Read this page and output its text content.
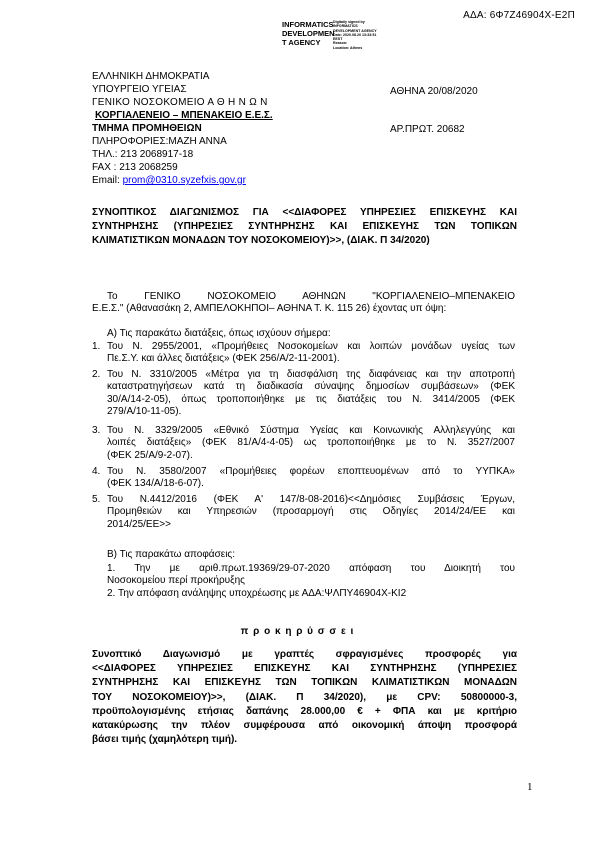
ΑΔΑ: 6Φ7Ζ46904Χ-Ε2Π
INFORMATICS
DEVELOPMEN
T AGENCY
Digitally signed by
INFORMATICS
DEVELOPMENT AGENCY
Date: 2020.08.20 13:33:51
EEST
Reason:
Location: Athens
ΕΛΛΗΝΙΚΗ ΔΗΜΟΚΡΑΤΙΑ
ΥΠΟΥΡΓΕΙΟ ΥΓΕΙΑΣ	ΑΘΗΝΑ 20/08/2020
ΓΕΝΙΚΟ ΝΟΣΟΚΟΜΕΙΟ Α Θ Η Ν Ω Ν
ΚΟΡΓΙΑΛΕΝΕΙΟ – ΜΠΕΝΑΚΕΙΟ Ε.Ε.Σ.
ΤΜΗΜΑ ΠΡΟΜΗΘΕΙΩΝ	ΑΡ.ΠΡΩΤ. 20682
ΠΛΗΡΟΦΟΡΙΕΣ:ΜΑΖΗ ΑΝΝΑ
ΤΗΛ.: 213 2068917-18
FAX : 213 2068259
Email: prom@0310.syzefxis.gov.gr
ΣΥΝΟΠΤΙΚΟΣ ΔΙΑΓΩΝΙΣΜΟΣ ΓΙΑ <<ΔΙΑΦΟΡΕΣ ΥΠΗΡΕΣΙΕΣ ΕΠΙΣΚΕΥΗΣ ΚΑΙ
ΣΥΝΤΗΡΗΣΗΣ (ΥΠΗΡΕΣΙΕΣ ΣΥΝΤΗΡΗΣΗΣ ΚΑΙ ΕΠΙΣΚΕΥΗΣ ΤΩΝ ΤΟΠΙΚΩΝ
ΚΛΙΜΑΤΙΣΤΙΚΩΝ ΜΟΝΑΔΩΝ ΤΟΥ ΝΟΣΟΚΟΜΕΙΟΥ)>>, (ΔΙΑΚ. Π 34/2020)
Το ΓΕΝΙΚΟ ΝΟΣΟΚΟΜΕΙΟ ΑΘΗΝΩΝ "ΚΟΡΓΙΑΛΕΝΕΙΟ–ΜΠΕΝΑΚΕΙΟ
Ε.Ε.Σ." (Αθανασάκη 2, ΑΜΠΕΛΟΚΗΠΟΙ– ΑΘΗΝΑ Τ. Κ. 115 26) έχοντας υπ όψη:
Α) Τις παρακάτω διατάξεις, όπως ισχύουν σήμερα:
1. Του Ν. 2955/2001, «Προμήθειες Νοσοκομείων και λοιπών μονάδων υγείας των
Πε.Σ.Υ. και άλλες διατάξεις» (ΦΕΚ 256/Α/2-11-2001).
2. Του Ν. 3310/2005 «Μέτρα για τη διασφάλιση της διαφάνειας και την αποτροπή
καταστρατηγήσεων κατά τη διαδικασία σύναψης δημοσίων συμβάσεων» (ΦΕΚ
30/Α/14-2-05), όπως τροποποιήθηκε με τις διατάξεις του Ν. 3414/2005 (ΦΕΚ
279/Α/10-11-05).
3. Του Ν. 3329/2005 «Εθνικό Σύστημα Υγείας και Κοινωνικής Αλληλεγγύης και
λοιπές διατάξεις» (ΦΕΚ 81/Α/4-4-05) ως τροποποιήθηκε με το Ν. 3527/2007
(ΦΕΚ 25/Α/9-2-07).
4. Του Ν. 3580/2007 «Προμήθειες φορέων εποπτευομένων από το ΥΥΠΚΑ»
(ΦΕΚ 134/Α/18-6-07).
5. Του Ν.4412/2016 (ΦΕΚ Α' 147/8-08-2016)<<Δημόσιες Συμβάσεις Έργων,
Προμηθειών και Υπηρεσιών (προσαρμογή στις Οδηγίες 2014/24/ΕΕ και
2014/25/ΕΕ>>
Β) Τις παρακάτω αποφάσεις:
1. Την με αριθ.πρωτ.19369/29-07-2020 απόφαση του Διοικητή του
Νοσοκομείου περί προκήρυξης
2. Την απόφαση ανάληψης υποχρέωσης με ΑΔΑ:ΨΛΠΥ46904Χ-ΚΙ2
π ρ ο κ η ρ ύ σ σ ε ι
Συνοπτικό Διαγωνισμό με γραπτές σφραγισμένες προσφορές για
<<ΔΙΑΦΟΡΕΣ ΥΠΗΡΕΣΙΕΣ ΕΠΙΣΚΕΥΗΣ ΚΑΙ ΣΥΝΤΗΡΗΣΗΣ (ΥΠΗΡΕΣΙΕΣ
ΣΥΝΤΗΡΗΣΗΣ ΚΑΙ ΕΠΙΣΚΕΥΗΣ ΤΩΝ ΤΟΠΙΚΩΝ ΚΛΙΜΑΤΙΣΤΙΚΩΝ ΜΟΝΑΔΩΝ
ΤΟΥ ΝΟΣΟΚΟΜΕΙΟΥ)>>, (ΔΙΑΚ. Π 34/2020), με CPV: 50800000-3,
προϋπολογισμένης ετήσιας δαπάνης 28.000,00 € + ΦΠΑ και με κριτήριο
κατακύρωσης την πλέον συμφέρουσα από οικονομική άποψη προσφορά
βάσει τιμής (χαμηλότερη τιμή).
1
